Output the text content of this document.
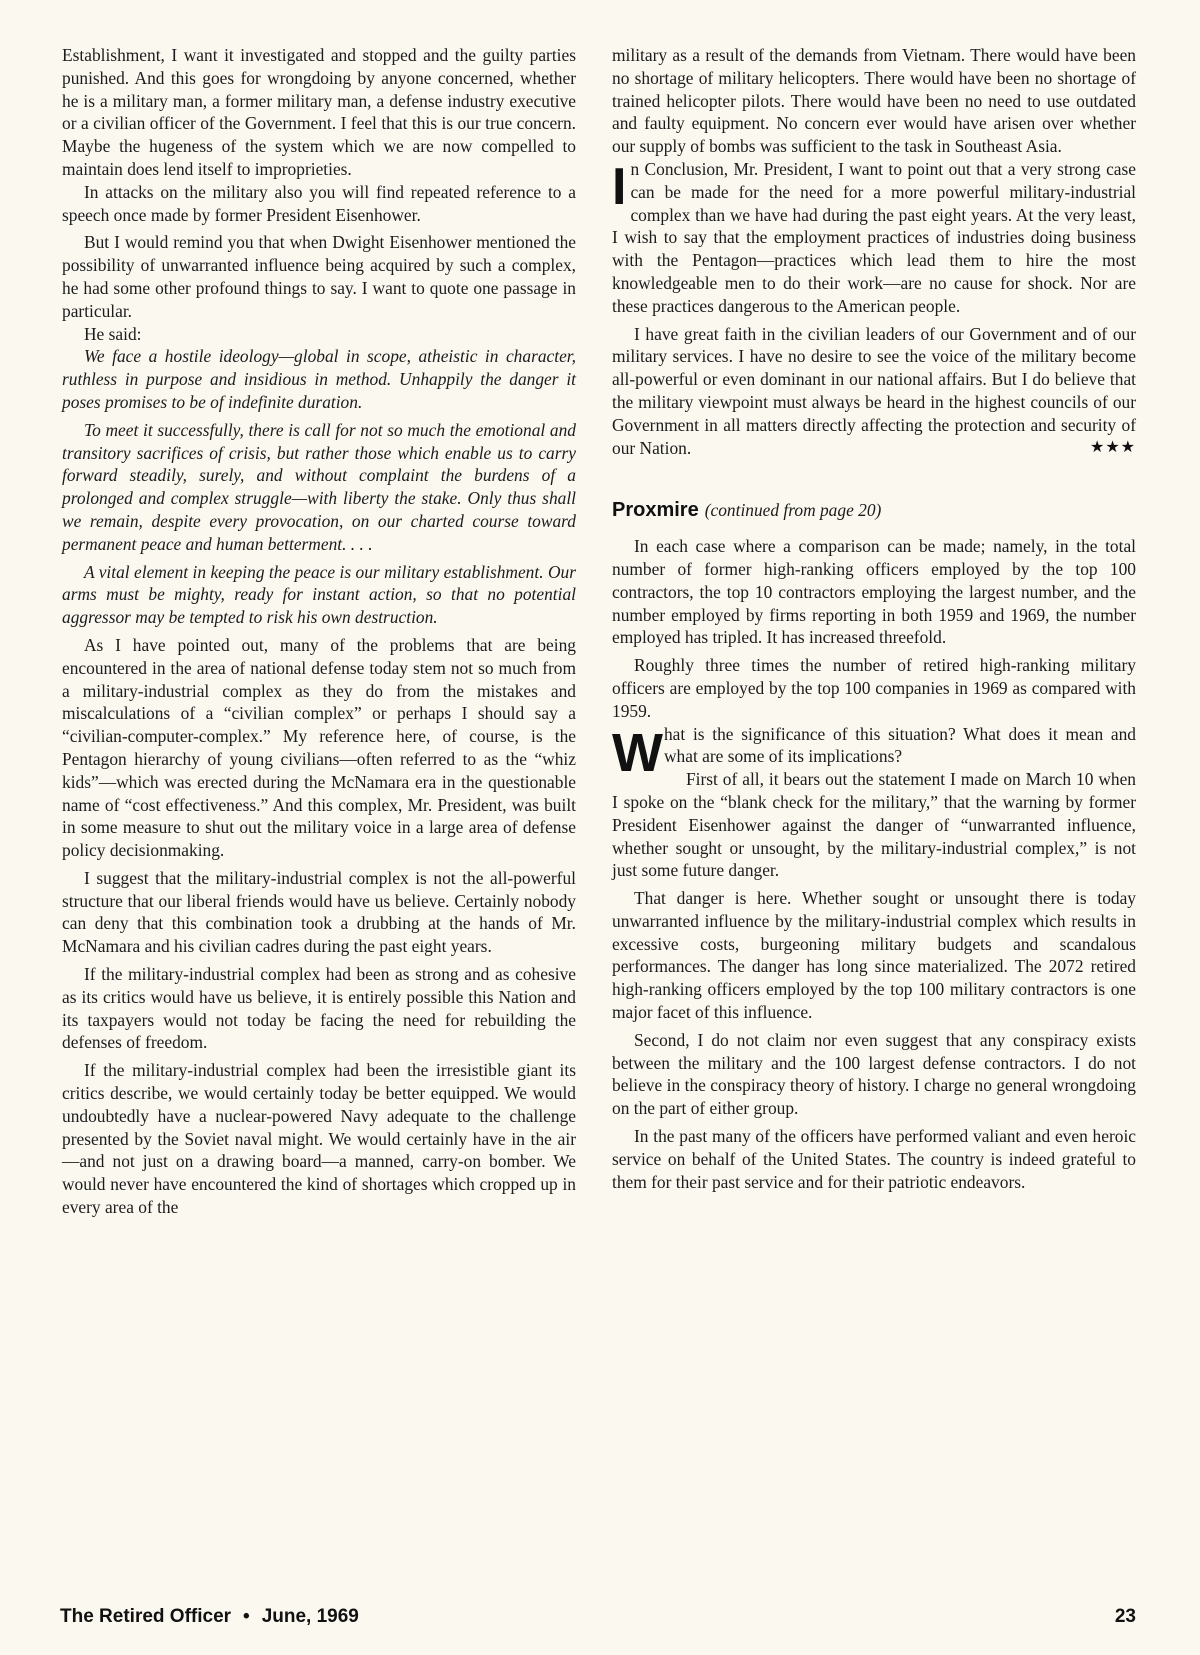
Establishment, I want it investigated and stopped and the guilty parties punished. And this goes for wrongdoing by anyone concerned, whether he is a military man, a former military man, a defense industry executive or a civilian officer of the Government. I feel that this is our true concern. Maybe the hugeness of the system which we are now compelled to maintain does lend itself to improprieties.

In attacks on the military also you will find repeated reference to a speech once made by former President Eisenhower.

But I would remind you that when Dwight Eisenhower mentioned the possibility of unwarranted influence being acquired by such a complex, he had some other profound things to say. I want to quote one passage in particular.

He said:

We face a hostile ideology—global in scope, atheistic in character, ruthless in purpose and insidious in method. Unhappily the danger it poses promises to be of indefinite duration.

To meet it successfully, there is call for not so much the emotional and transitory sacrifices of crisis, but rather those which enable us to carry forward steadily, surely, and without complaint the burdens of a prolonged and complex struggle—with liberty the stake. Only thus shall we remain, despite every provocation, on our charted course toward permanent peace and human betterment. . . .

A vital element in keeping the peace is our military establishment. Our arms must be mighty, ready for instant action, so that no potential aggressor may be tempted to risk his own destruction.

As I have pointed out, many of the problems that are being encountered in the area of national defense today stem not so much from a military-industrial complex as they do from the mistakes and miscalculations of a “civilian complex” or perhaps I should say a “civilian-computer-complex.” My reference here, of course, is the Pentagon hierarchy of young civilians—often referred to as the “whiz kids”—which was erected during the McNamara era in the questionable name of “cost effectiveness.” And this complex, Mr. President, was built in some measure to shut out the military voice in a large area of defense policy decisionmaking.

I suggest that the military-industrial complex is not the all-powerful structure that our liberal friends would have us believe. Certainly nobody can deny that this combination took a drubbing at the hands of Mr. McNamara and his civilian cadres during the past eight years.

If the military-industrial complex had been as strong and as cohesive as its critics would have us believe, it is entirely possible this Nation and its taxpayers would not today be facing the need for rebuilding the defenses of freedom.

If the military-industrial complex had been the irresistible giant its critics describe, we would certainly today be better equipped. We would undoubtedly have a nuclear-powered Navy adequate to the challenge presented by the Soviet naval might. We would certainly have in the air—and not just on a drawing board—a manned, carry-on bomber. We would never have encountered the kind of shortages which cropped up in every area of the

military as a result of the demands from Vietnam. There would have been no shortage of military helicopters. There would have been no shortage of trained helicopter pilots. There would have been no need to use outdated and faulty equipment. No concern ever would have arisen over whether our supply of bombs was sufficient to the task in Southeast Asia.

In Conclusion, Mr. President, I want to point out that a very strong case can be made for the need for a more powerful military-industrial complex than we have had during the past eight years. At the very least, I wish to say that the employment practices of industries doing business with the Pentagon—practices which lead them to hire the most knowledgeable men to do their work—are no cause for shock. Nor are these practices dangerous to the American people.

I have great faith in the civilian leaders of our Government and of our military services. I have no desire to see the voice of the military become all-powerful or even dominant in our national affairs. But I do believe that the military viewpoint must always be heard in the highest councils of our Government in all matters directly affecting the protection and security of our Nation.	★★★

Proxmire (continued from page 20)

In each case where a comparison can be made; namely, in the total number of former high-ranking officers employed by the top 100 contractors, the top 10 contractors employing the largest number, and the number employed by firms reporting in both 1959 and 1969, the number employed has tripled. It has increased threefold.

Roughly three times the number of retired high-ranking military officers are employed by the top 100 companies in 1969 as compared with 1959.

What is the significance of this situation? What does it mean and what are some of its implications?

First of all, it bears out the statement I made on March 10 when I spoke on the “blank check for the military,” that the warning by former President Eisenhower against the danger of “unwarranted influence, whether sought or unsought, by the military-industrial complex,” is not just some future danger.

That danger is here. Whether sought or unsought there is today unwarranted influence by the military-industrial complex which results in excessive costs, burgeoning military budgets and scandalous performances. The danger has long since materialized. The 2072 retired high-ranking officers employed by the top 100 military contractors is one major facet of this influence.

Second, I do not claim nor even suggest that any conspiracy exists between the military and the 100 largest defense contractors. I do not believe in the conspiracy theory of history. I charge no general wrongdoing on the part of either group.

In the past many of the officers have performed valiant and even heroic service on behalf of the United States. The country is indeed grateful to them for their past service and for their patriotic endeavors.

The Retired Officer • June, 1969	23
